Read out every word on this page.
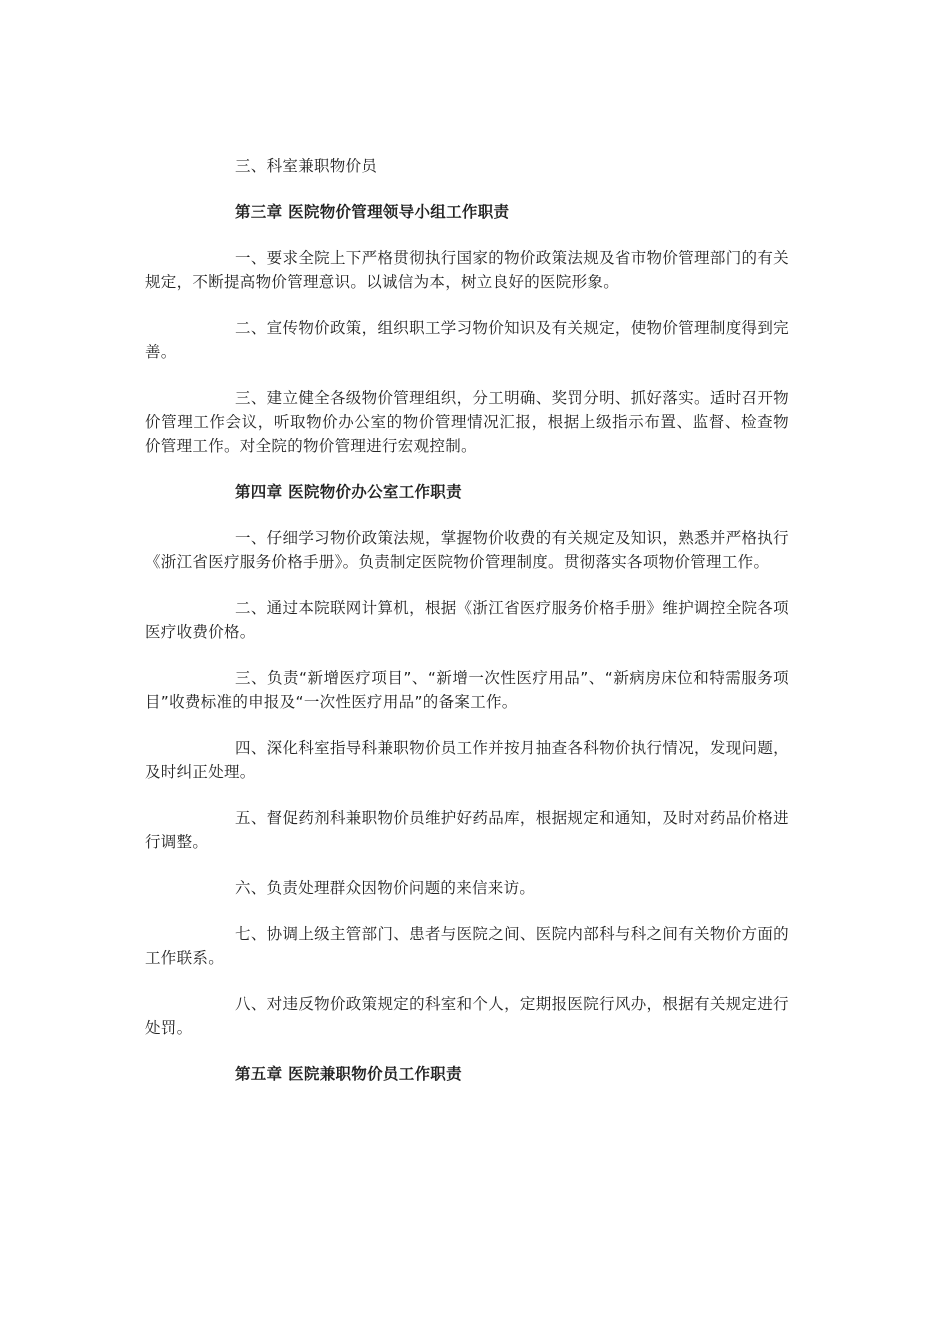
三、科室兼职物价员

第三章 医院物价管理领导小组工作职责

一、要求全院上下严格贯彻执行国家的物价政策法规及省市物价管理部门的有关规定，不断提高物价管理意识。以诚信为本，树立良好的医院形象。

二、宣传物价政策，组织职工学习物价知识及有关规定，使物价管理制度得到完善。

三、建立健全各级物价管理组织，分工明确、奖罚分明、抓好落实。适时召开物价管理工作会议，听取物价办公室的物价管理情况汇报，根据上级指示布置、监督、检查物价管理工作。对全院的物价管理进行宏观控制。

第四章 医院物价办公室工作职责

一、仔细学习物价政策法规，掌握物价收费的有关规定及知识，熟悉并严格执行《浙江省医疗服务价格手册》。负责制定医院物价管理制度。贯彻落实各项物价管理工作。

二、通过本院联网计算机，根据《浙江省医疗服务价格手册》维护调控全院各项医疗收费价格。

三、负责“新增医疗项目”、“新增一次性医疗用品”、“新病房床位和特需服务项目”收费标准的申报及“一次性医疗用品”的备案工作。

四、深化科室指导科兼职物价员工作并按月抽查各科物价执行情况，发现问题，及时纠正处理。

五、督促药剂科兼职物价员维护好药品库，根据规定和通知，及时对药品价格进行调整。

六、负责处理群众因物价问题的来信来访。

七、协调上级主管部门、患者与医院之间、医院内部科与科之间有关物价方面的工作联系。

八、对违反物价政策规定的科室和个人，定期报医院行风办，根据有关规定进行处罚。

第五章 医院兼职物价员工作职责
